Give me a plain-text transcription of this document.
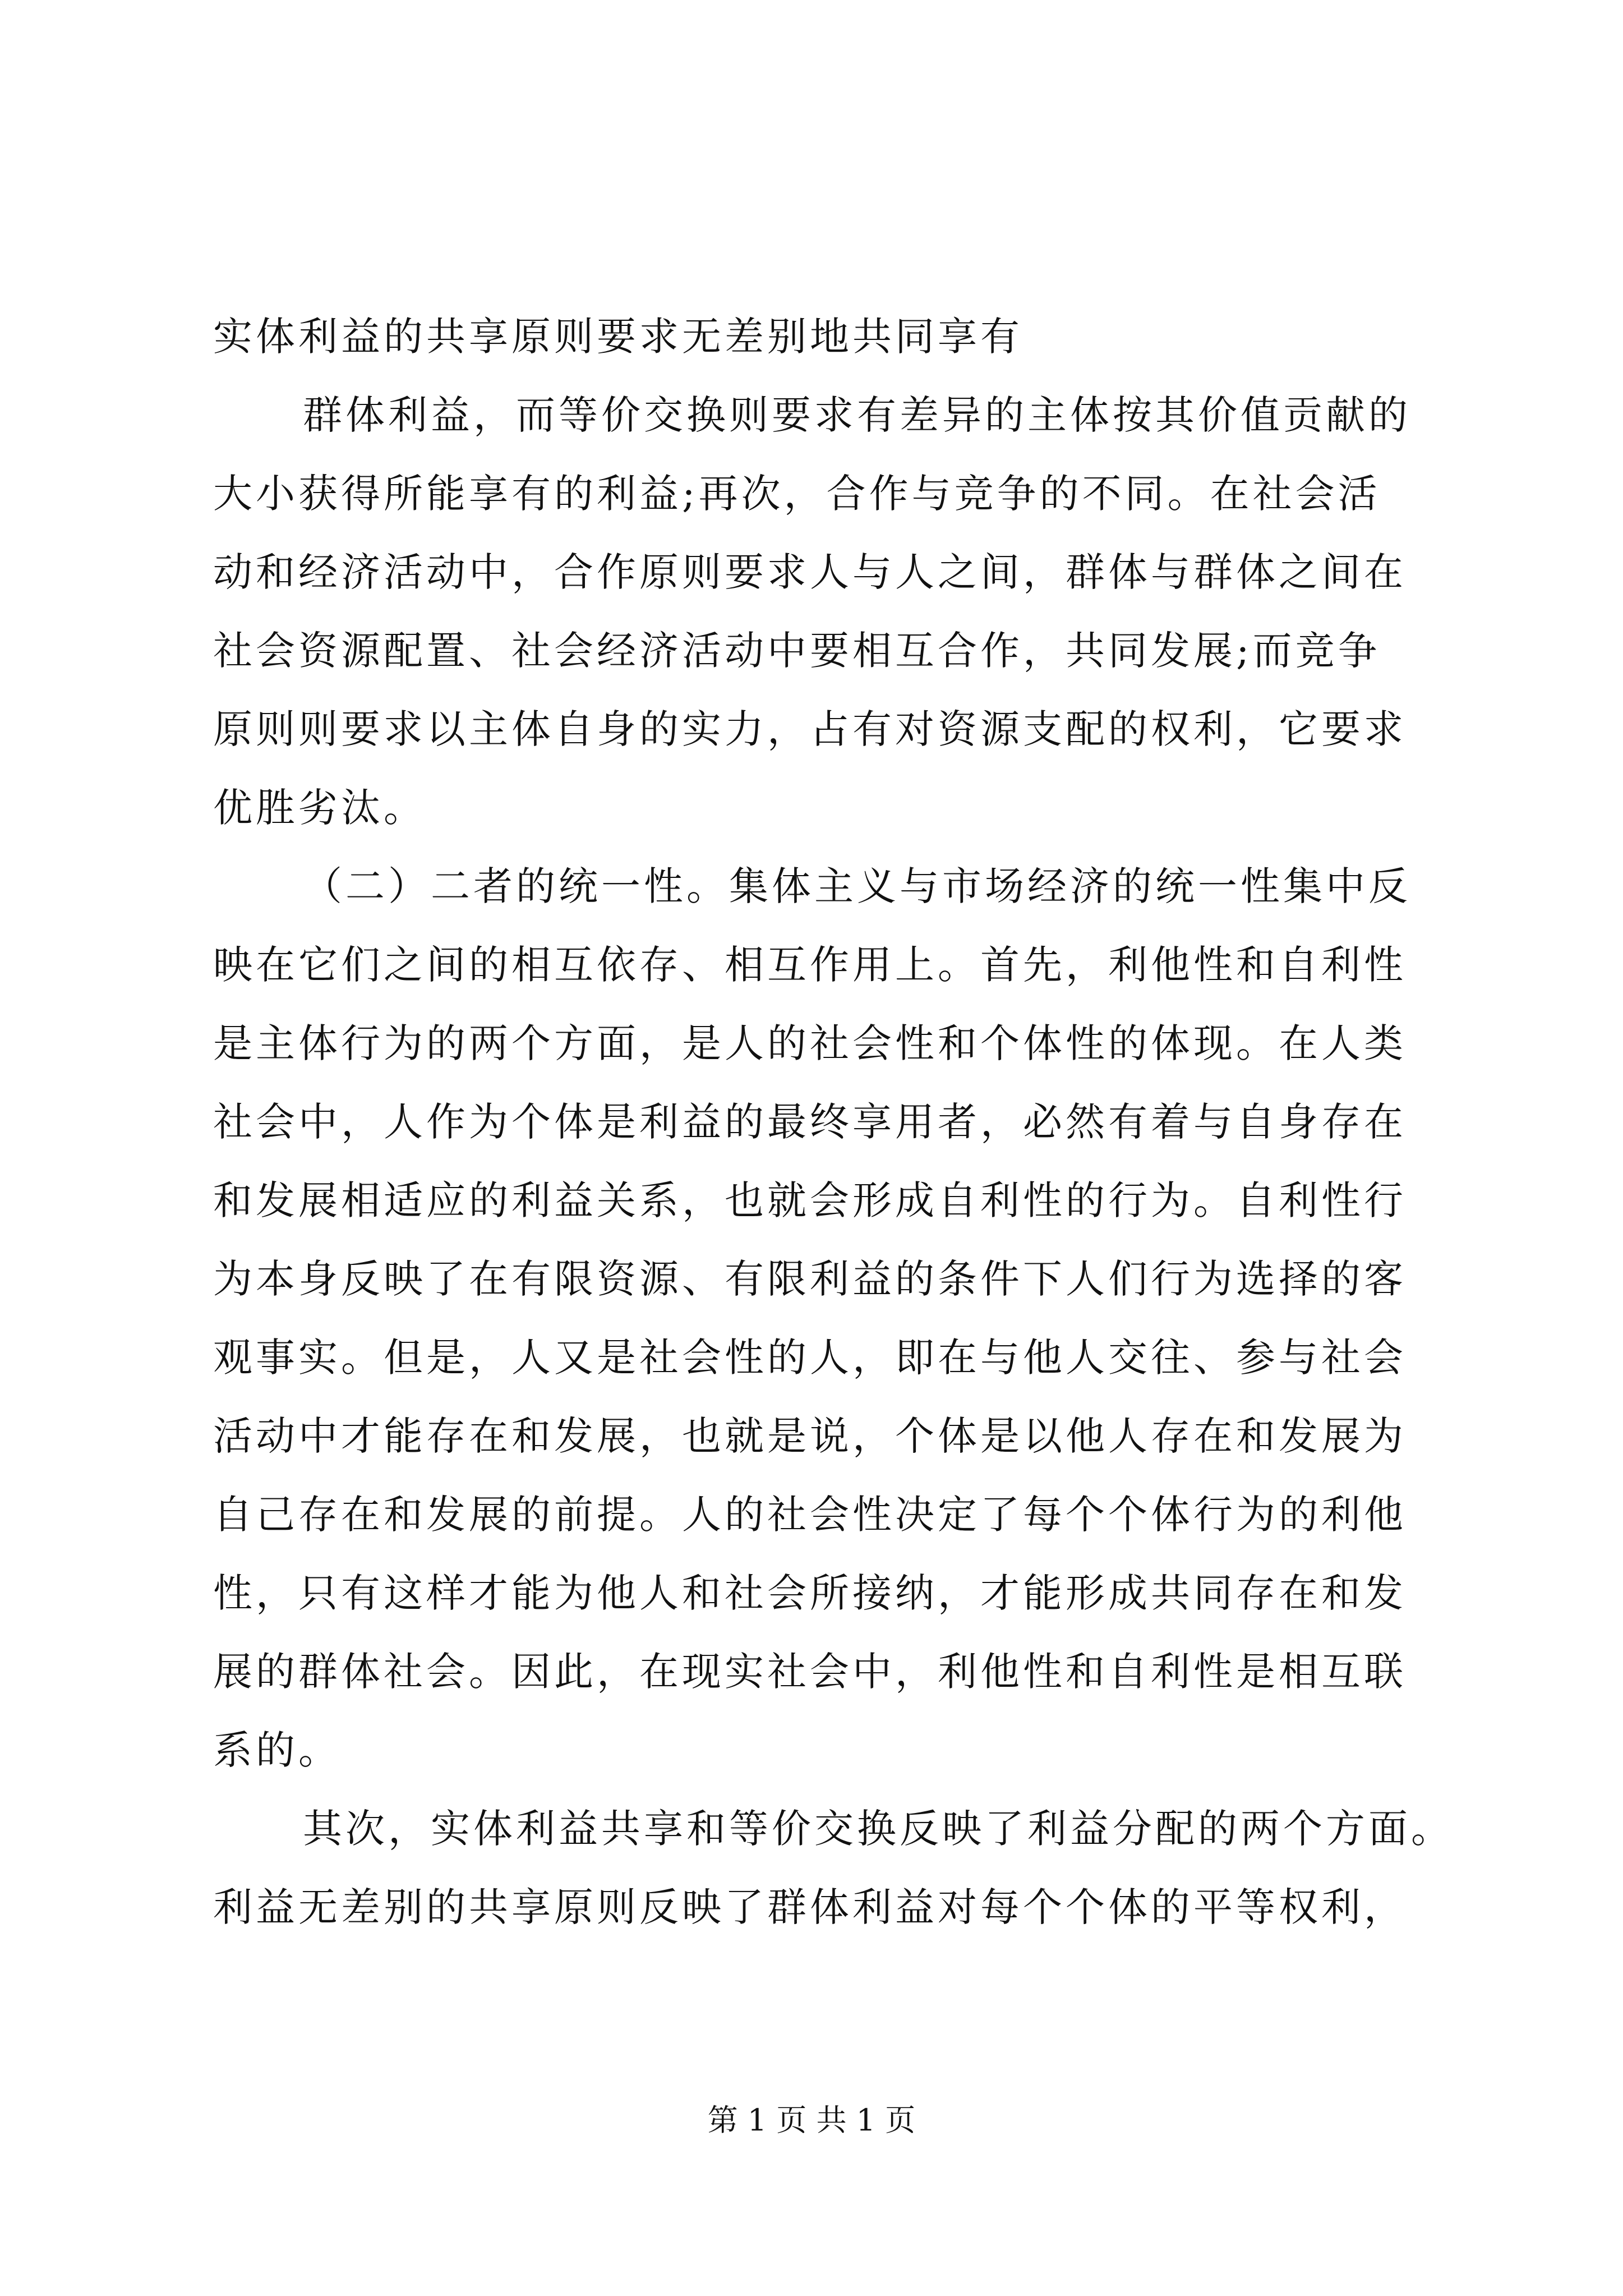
实体利益的共享原则要求无差别地共同享有
群体利益，而等价交换则要求有差异的主体按其价值贡献的
大小获得所能享有的利益;再次，合作与竞争的不同。在社会活
动和经济活动中，合作原则要求人与人之间，群体与群体之间在
社会资源配置、社会经济活动中要相互合作，共同发展;而竞争
原则则要求以主体自身的实力，占有对资源支配的权利，它要求
优胜劣汰。
（二）二者的统一性。集体主义与市场经济的统一性集中反
映在它们之间的相互依存、相互作用上。首先，利他性和自利性
是主体行为的两个方面，是人的社会性和个体性的体现。在人类
社会中，人作为个体是利益的最终享用者，必然有着与自身存在
和发展相适应的利益关系，也就会形成自利性的行为。自利性行
为本身反映了在有限资源、有限利益的条件下人们行为选择的客
观事实。但是，人又是社会性的人，即在与他人交往、参与社会
活动中才能存在和发展，也就是说，个体是以他人存在和发展为
自己存在和发展的前提。人的社会性决定了每个个体行为的利他
性，只有这样才能为他人和社会所接纳，才能形成共同存在和发
展的群体社会。因此，在现实社会中，利他性和自利性是相互联
系的。
其次，实体利益共享和等价交换反映了利益分配的两个方面。
利益无差别的共享原则反映了群体利益对每个个体的平等权利，
第 1 页 共 1 页
